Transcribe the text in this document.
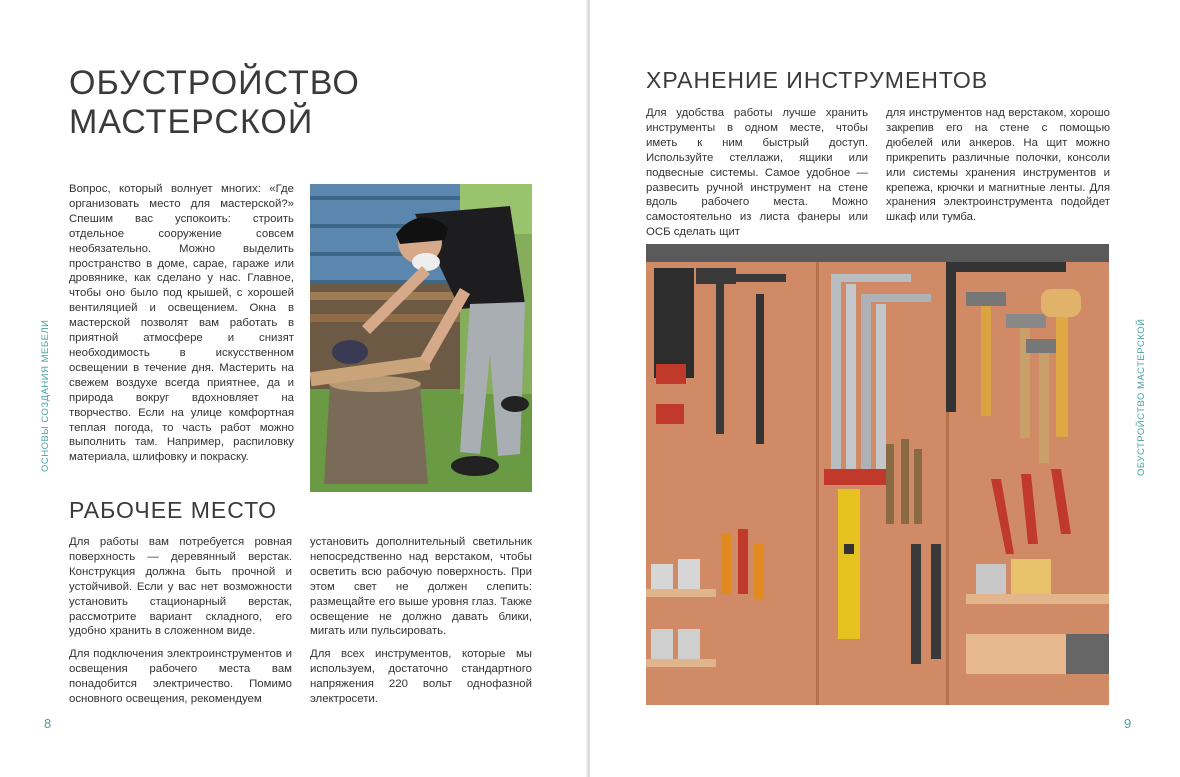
ОБУСТРОЙСТВО
МАСТЕРСКОЙ

Вопрос, который волнует многих: «Где организовать место для мастерской?» Спешим вас успокоить: строить отдельное сооружение совсем необязательно. Можно выделить пространство в доме, сарае, гараже или дровянике, как сделано у нас. Главное, чтобы оно было под крышей, с хорошей вентиляцией и освещением. Окна в мастерской позволят вам работать в приятной атмосфере и снизят необходимость в искусственном освещении в течение дня. Мастерить на свежем воздухе всегда приятнее, да и природа вокруг вдохновляет на творчество. Если на улице комфортная теплая погода, то часть работ можно выполнить там. Например, распиловку материала, шлифовку и покраску.

РАБОЧЕЕ МЕСТО

Для работы вам потребуется ровная поверхность — деревянный верстак. Конструкция должна быть прочной и устойчивой. Если у вас нет возможности установить стационарный верстак, рассмотрите вариант складного, его удобно хранить в сложенном виде.

Для подключения электроинструментов и освещения рабочего места вам понадобится электричество. Помимо основного освещения, рекомендуем

установить дополнительный светильник непосредственно над верстаком, чтобы осветить всю рабочую поверхность. При этом свет не должен слепить: размещайте его выше уровня глаз. Также освещение не должно давать блики, мигать или пульсировать.

Для всех инструментов, которые мы используем, достаточно стандартного напряжения 220 вольт однофазной электросети.

ОСНОВЫ СОЗДАНИЯ МЕБЕЛИ
8
ХРАНЕНИЕ ИНСТРУМЕНТОВ

Для удобства работы лучше хранить инструменты в одном месте, чтобы иметь к ним быстрый доступ. Используйте стеллажи, ящики или подвесные системы. Самое удобное — развесить ручной инструмент на стене вдоль рабочего места. Можно самостоятельно из листа фанеры или ОСБ сделать щит

для инструментов над верстаком, хорошо закрепив его на стене с помощью дюбелей или анкеров. На щит можно прикрепить различные полочки, консоли или системы хранения инструментов и крепежа, крючки и магнитные ленты. Для хранения электроинструмента подойдет шкаф или тумба.

ОБУСТРОЙСТВО МАСТЕРСКОЙ
9
